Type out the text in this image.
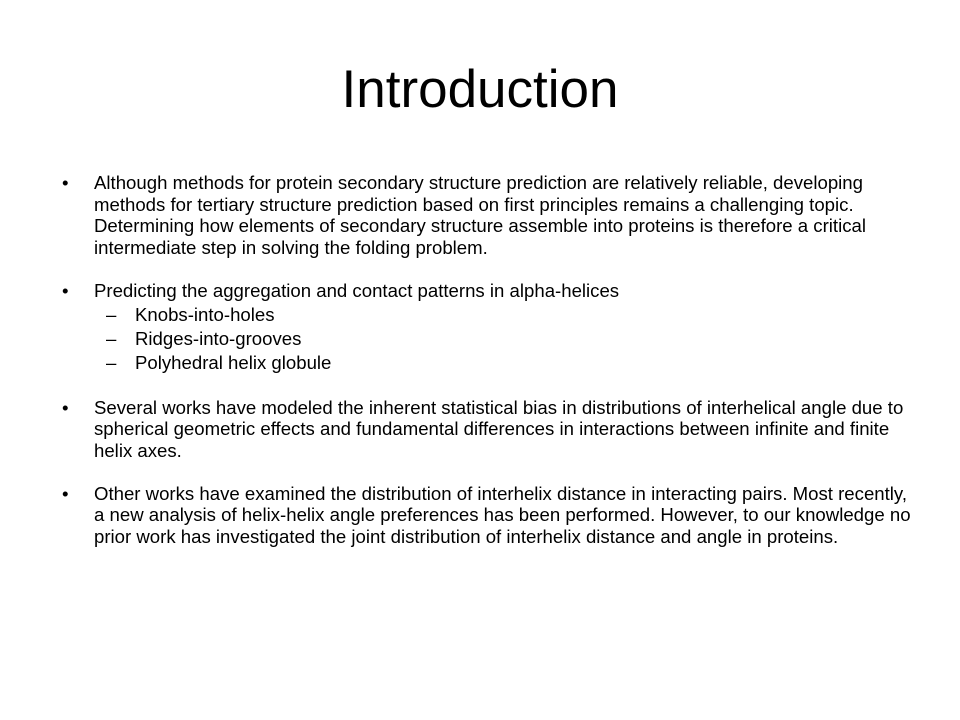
Introduction
•	Although methods for protein secondary structure prediction are relatively reliable, developing methods for tertiary structure prediction based on first principles remains a challenging topic. Determining how elements of secondary structure assemble into proteins is therefore a critical intermediate step in solving the folding problem.
•	Predicting the aggregation and contact patterns in alpha-helices
– Knobs-into-holes
– Ridges-into-grooves
– Polyhedral helix globule
•	Several works have modeled the inherent statistical bias in distributions of interhelical angle due to spherical geometric effects and fundamental differences in interactions between infinite and finite helix axes.
•	Other works have examined the distribution of interhelix distance in interacting pairs. Most recently, a new analysis of helix-helix angle preferences has been performed. However, to our knowledge no prior work has investigated the joint distribution of interhelix distance and angle in proteins.
